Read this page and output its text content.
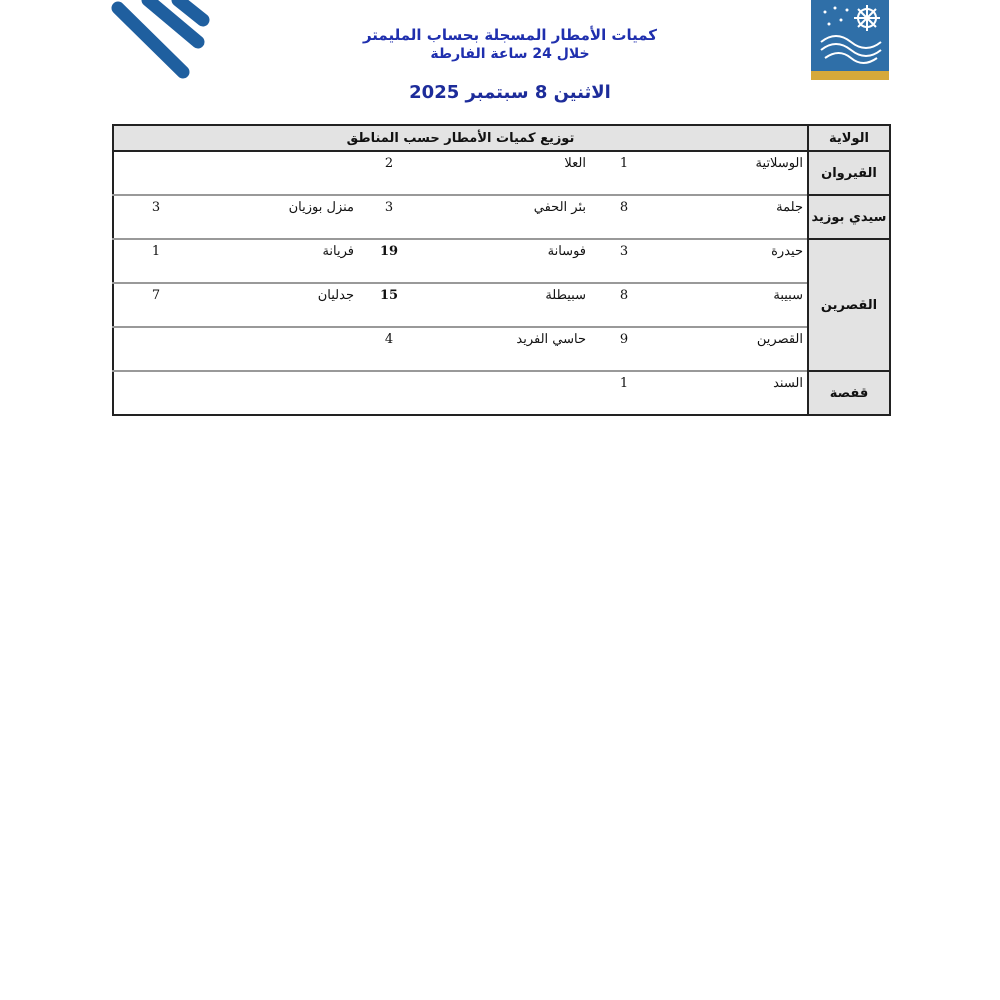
كميات الأمطار المسجلة بحساب المليمتر
خلال 24 ساعة الفارطة
الاثنين 8 سبتمبر 2025
الولاية	توزيع كميات الأمطار حسب المناطق					
القيروان	الوسلاتية	1	العلا	2		
سيدي بوزيد	جلمة	8	بئر الحفي	3	منزل بوزيان	3
القصرين	حيدرة	3	فوسانة	19	فريانة	1
	سبيبة	8	سبيطلة	15	جدليان	7
	القصرين	9	حاسي الفريد	4		
قفصة	السند	1				
